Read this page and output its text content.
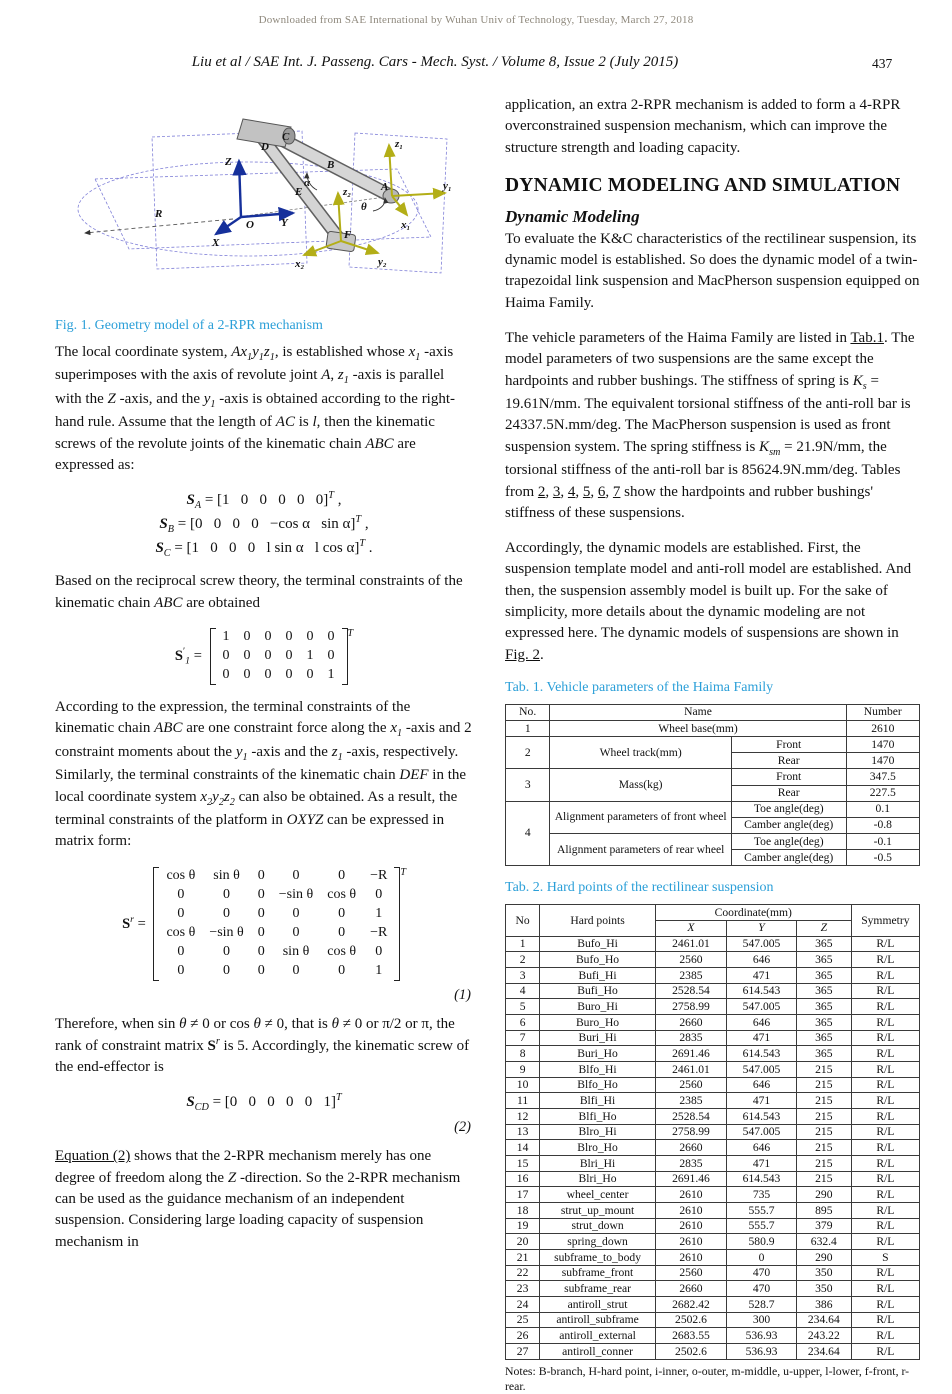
Downloaded from SAE International by Wuhan Univ of Technology, Tuesday, March 27, 2018
Liu et al / SAE Int. J. Passeng. Cars - Mech. Syst. / Volume 8, Issue 2 (July 2015)	437
Z
O
X
Y
R
D
C
B
E	A
F
α
θ
z₁
y₁
x₁
z₂
y₂
x₂
Fig. 1. Geometry model of a 2-RPR mechanism

The local coordinate system, $Ax_1y_1z_1$, is established whose $x_1$ -axis superimposes with the axis of revolute joint A, $z_1$ -axis is parallel with the Z -axis, and the $y_1$ -axis is obtained according to the right-hand rule. Assume that the length of AC is l, then the kinematic screws of the revolute joints of the kinematic chain ABC are expressed as:

$S_A = [1$   0   0   0   0   0]$^T$ ,
$S_B = [0$   0   0   0   −cos α   sin α]$^T$ ,
$S_C = [1$   0   0   0   l sin α   l cos α]$^T$ .

Based on the reciprocal screw theory, the terminal constraints of the kinematic chain ABC are obtained

$S'_1$ =
1	0	0	0	0	0
0	0	0	0	1	0
0	0	0	0	0	1
T

According to the expression, the terminal constraints of the kinematic chain ABC are one constraint force along the $x_1$ -axis and 2 constraint moments about the $y_1$ -axis and the $z_1$ -axis, respectively. Similarly, the terminal constraints of the kinematic chain DEF in the local coordinate system $x_2y_2z_2$ can also be obtained. As a result, the terminal constraints of the platform in OXYZ can be expressed in matrix form:

$S^r$ =
cos θ	sin θ	0	0	0	−R
0	0	0	−sin θ	cos θ	0
0	0	0	0	0	1
cos θ	−sin θ	0	0	0	−R
0	0	0	sin θ	cos θ	0
0	0	0	0	0	1
T
(1)

Therefore, when sin θ ≠ 0 or cos θ ≠ 0, that is θ ≠ 0 or π/2 or π, the rank of constraint matrix $S^r$ is 5. Accordingly, the kinematic screw of the end-effector is

$S_{CD} = [0$   0   0   0   0   1]$^T$
(2)

Equation (2) shows that the 2-RPR mechanism merely has one degree of freedom along the Z -direction. So the 2-RPR mechanism can be used as the guidance mechanism of an independent suspension. Considering large loading capacity of suspension mechanism in

application, an extra 2-RPR mechanism is added to form a 4-RPR overconstrained suspension mechanism, which can improve the structure strength and loading capacity.

DYNAMIC MODELING AND SIMULATION
Dynamic Modeling

To evaluate the K&C characteristics of the rectilinear suspension, its dynamic model is established. So does the dynamic model of a twin-trapezoidal link suspension and MacPherson suspension equipped on Haima Family.

The vehicle parameters of the Haima Family are listed in Tab.1. The model parameters of two suspensions are the same except the hardpoints and rubber bushings. The stiffness of spring is $K_s = 19.61N/mm$. The equivalent torsional stiffness of the anti-roll bar is 24337.5N.mm/deg. The MacPherson suspension is used as front suspension system. The spring stiffness is $K_{sm} = 21.9N/mm$, the torsional stiffness of the anti-roll bar is 85624.9N.mm/deg. Tables from 2, 3, 4, 5, 6, 7 show the hardpoints and rubber bushings' stiffness of these suspensions.

Accordingly, the dynamic models are established. First, the suspension template model and anti-roll model are established. And then, the suspension assembly model is built up. For the sake of simplicity, more details about the dynamic modeling are not expressed here. The dynamic models of suspensions are shown in Fig. 2.

Tab. 1. Vehicle parameters of the Haima Family
No.	Name		Number
1	Wheel base(mm)		2610
2	Wheel track(mm)	Front	1470
		Rear	1470
3	Mass(kg)	Front	347.5
		Rear	227.5
4	Alignment parameters of front wheel	Toe angle(deg)	0.1
		Camber angle(deg)	-0.8
	Alignment parameters of rear wheel	Toe angle(deg)	-0.1
		Camber angle(deg)	-0.5
Tab. 2. Hard points of the rectilinear suspension
No	Hard points	Coordinate(mm)			Symmetry
		X	Y	Z	
1	Bufo_Hi	2461.01	547.005	365	R/L
2	Bufo_Ho	2560	646	365	R/L
3	Bufi_Hi	2385	471	365	R/L
4	Bufi_Ho	2528.54	614.543	365	R/L
5	Buro_Hi	2758.99	547.005	365	R/L
6	Buro_Ho	2660	646	365	R/L
7	Buri_Hi	2835	471	365	R/L
8	Buri_Ho	2691.46	614.543	365	R/L
9	Blfo_Hi	2461.01	547.005	215	R/L
10	Blfo_Ho	2560	646	215	R/L
11	Blfi_Hi	2385	471	215	R/L
12	Blfi_Ho	2528.54	614.543	215	R/L
13	Blro_Hi	2758.99	547.005	215	R/L
14	Blro_Ho	2660	646	215	R/L
15	Blri_Hi	2835	471	215	R/L
16	Blri_Ho	2691.46	614.543	215	R/L
17	wheel_center	2610	735	290	R/L
18	strut_up_mount	2610	555.7	895	R/L
19	strut_down	2610	555.7	379	R/L
20	spring_down	2610	580.9	632.4	R/L
21	subframe_to_body	2610	0	290	S
22	subframe_front	2560	470	350	R/L
23	subframe_rear	2660	470	350	R/L
24	antiroll_strut	2682.42	528.7	386	R/L
25	antiroll_subframe	2502.6	300	234.64	R/L
26	antiroll_external	2683.55	536.93	243.22	R/L
27	antiroll_conner	2502.6	536.93	234.64	R/L
Notes: B-branch, H-hard point, i-inner, o-outer, m-middle, u-upper, l-lower, f-front, r-rear.
